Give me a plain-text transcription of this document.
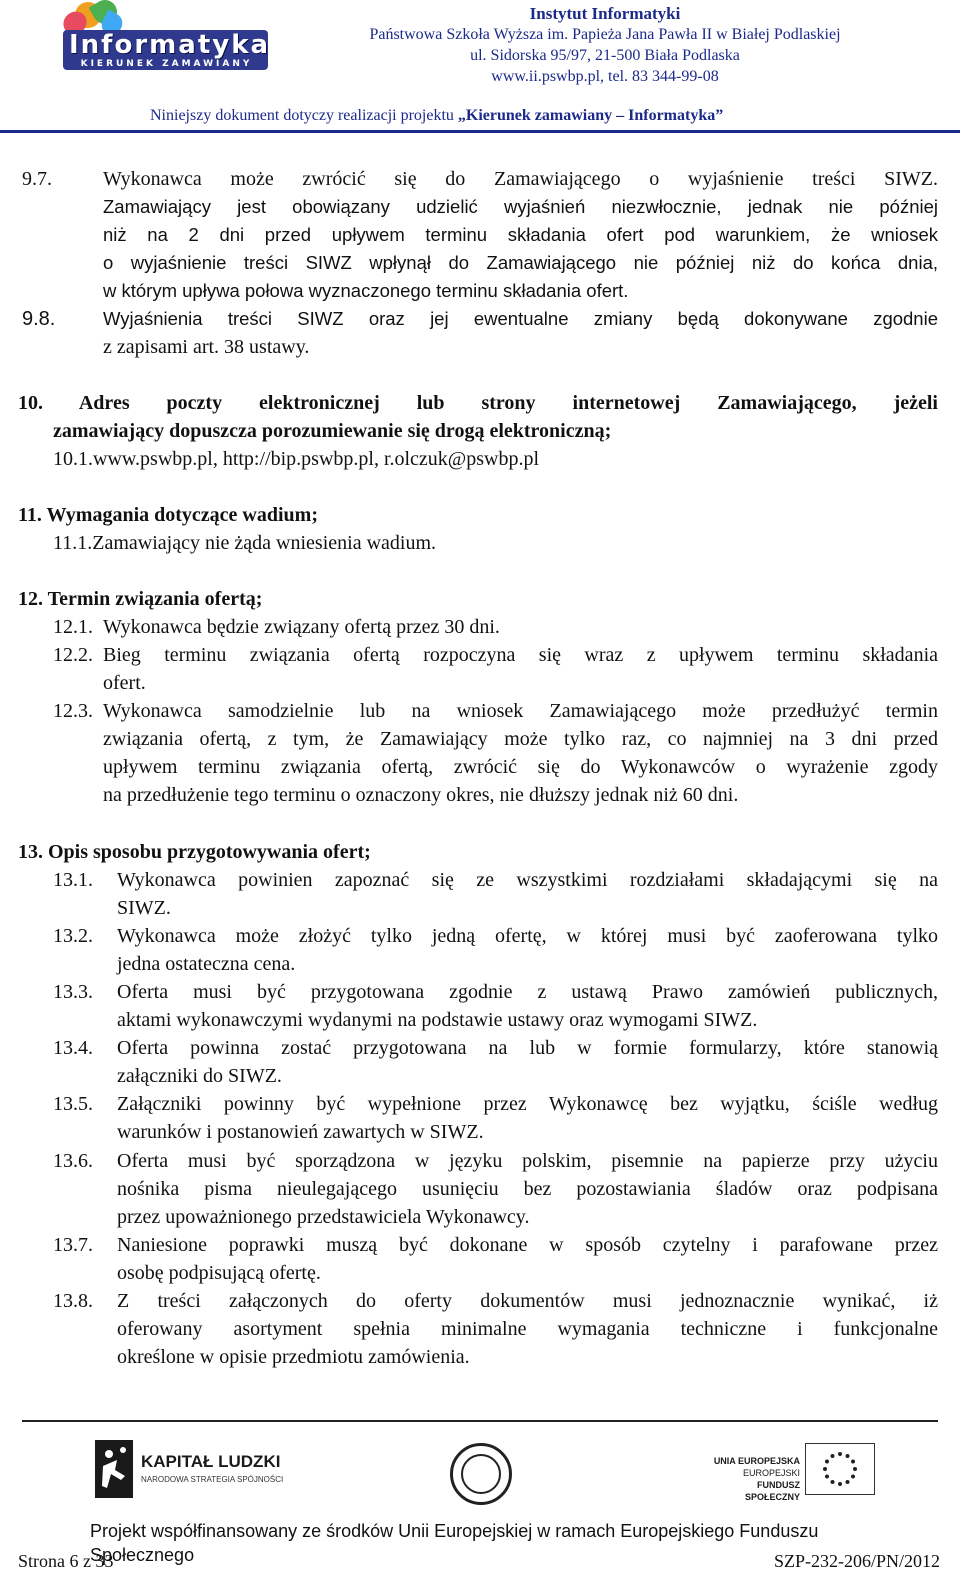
Informatyka
KIERUNEK ZAMAWIANY
Instytut Informatyki
Państwowa Szkoła Wyższa im. Papieża Jana Pawła II w Białej Podlaskiej
ul. Sidorska 95/97, 21-500 Biała Podlaska
www.ii.pswbp.pl, tel. 83 344-99-08
Niniejszy dokument dotyczy realizacji projektu „Kierunek zamawiany – Informatyka”
9.7.	Wykonawca może zwrócić się do Zamawiającego o wyjaśnienie treści SIWZ.
Zamawiający jest obowiązany udzielić wyjaśnień niezwłocznie, jednak nie później
niż na 2 dni przed upływem terminu składania ofert pod warunkiem, że wniosek
o wyjaśnienie treści SIWZ wpłynął do Zamawiającego nie później niż do końca dnia,
w którym upływa połowa wyznaczonego terminu składania ofert.
9.8.	Wyjaśnienia treści SIWZ oraz jej ewentualne zmiany będą dokonywane zgodnie
z zapisami art. 38 ustawy.
10. Adres poczty elektronicznej lub strony internetowej Zamawiającego, jeżeli
zamawiający dopuszcza porozumiewanie się drogą elektroniczną;
10.1.www.pswbp.pl, http://bip.pswbp.pl, r.olczuk@pswbp.pl
11. Wymagania dotyczące wadium;
11.1.Zamawiający nie żąda wniesienia wadium.
12. Termin związania ofertą;
12.1. Wykonawca będzie związany ofertą przez 30 dni.
12.2. Bieg terminu związania ofertą rozpoczyna się wraz z upływem terminu składania
ofert.
12.3. Wykonawca samodzielnie lub na wniosek Zamawiającego może przedłużyć termin
związania ofertą, z tym, że Zamawiający może tylko raz, co najmniej na 3 dni przed
upływem terminu związania ofertą, zwrócić się do Wykonawców o wyrażenie zgody
na przedłużenie tego terminu o oznaczony okres, nie dłuższy jednak niż 60 dni.
13. Opis sposobu przygotowywania ofert;
13.1. Wykonawca powinien zapoznać się ze wszystkimi rozdziałami składającymi się na
SIWZ.
13.2. Wykonawca może złożyć tylko jedną ofertę, w której musi być zaoferowana tylko
jedna ostateczna cena.
13.3. Oferta musi być przygotowana zgodnie z ustawą Prawo zamówień publicznych,
aktami wykonawczymi wydanymi na podstawie ustawy oraz wymogami SIWZ.
13.4. Oferta powinna zostać przygotowana na lub w formie formularzy, które stanowią
załączniki do SIWZ.
13.5. Załączniki powinny być wypełnione przez Wykonawcę bez wyjątku, ściśle według
warunków i postanowień zawartych w SIWZ.
13.6. Oferta musi być sporządzona w języku polskim, pisemnie na papierze przy użyciu
nośnika pisma nieulegającego usunięciu bez pozostawiania śladów oraz podpisana
przez upoważnionego przedstawiciela Wykonawcy.
13.7. Naniesione poprawki muszą być dokonane w sposób czytelny i parafowane przez
osobę podpisującą ofertę.
13.8. Z treści załączonych do oferty dokumentów musi jednoznacznie wynikać, iż
oferowany asortyment spełnia minimalne wymagania techniczne i funkcjonalne
określone w opisie przedmiotu zamówienia.
KAPITAŁ LUDZKI
NARODOWA STRATEGIA SPÓJNOŚCI
UNIA EUROPEJSKA
EUROPEJSKI
FUNDUSZ SPOŁECZNY
Projekt współfinansowany ze środków Unii Europejskiej w ramach Europejskiego Funduszu Społecznego
Strona 6 z 33	SZP-232-206/PN/2012
